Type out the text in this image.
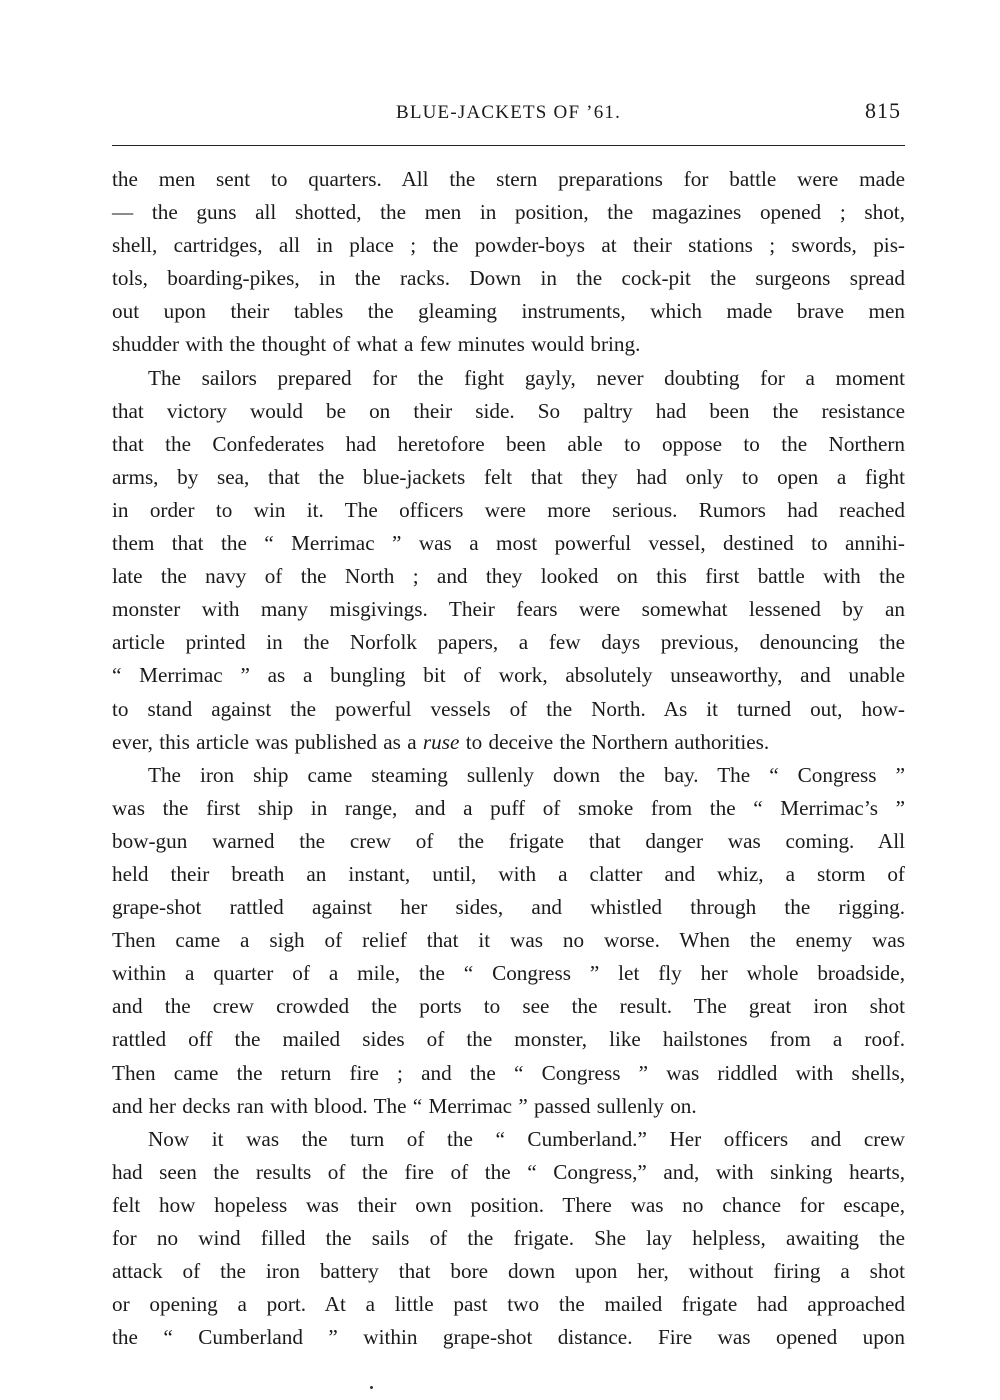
BLUE-JACKETS OF ’61.	815
the men sent to quarters. All the stern preparations for battle were made
— the guns all shotted, the men in position, the magazines opened ; shot,
shell, cartridges, all in place ; the powder-boys at their stations ; swords, pis-
tols, boarding-pikes, in the racks. Down in the cock-pit the surgeons spread
out upon their tables the gleaming instruments, which made brave men
shudder with the thought of what a few minutes would bring.
The sailors prepared for the fight gayly, never doubting for a moment
that victory would be on their side. So paltry had been the resistance
that the Confederates had heretofore been able to oppose to the Northern
arms, by sea, that the blue-jackets felt that they had only to open a fight
in order to win it. The officers were more serious. Rumors had reached
them that the “ Merrimac ” was a most powerful vessel, destined to annihi-
late the navy of the North ; and they looked on this first battle with the
monster with many misgivings. Their fears were somewhat lessened by an
article printed in the Norfolk papers, a few days previous, denouncing the
“ Merrimac ” as a bungling bit of work, absolutely unseaworthy, and unable
to stand against the powerful vessels of the North. As it turned out, how-
ever, this article was published as a ruse to deceive the Northern authorities.
The iron ship came steaming sullenly down the bay. The “ Congress ”
was the first ship in range, and a puff of smoke from the “ Merrimac’s ”
bow-gun warned the crew of the frigate that danger was coming. All
held their breath an instant, until, with a clatter and whiz, a storm of
grape-shot rattled against her sides, and whistled through the rigging.
Then came a sigh of relief that it was no worse. When the enemy was
within a quarter of a mile, the “ Congress ” let fly her whole broadside,
and the crew crowded the ports to see the result. The great iron shot
rattled off the mailed sides of the monster, like hailstones from a roof.
Then came the return fire ; and the “ Congress ” was riddled with shells,
and her decks ran with blood. The “ Merrimac ” passed sullenly on.
Now it was the turn of the “ Cumberland.” Her officers and crew
had seen the results of the fire of the “ Congress,” and, with sinking hearts,
felt how hopeless was their own position. There was no chance for escape,
for no wind filled the sails of the frigate. She lay helpless, awaiting the
attack of the iron battery that bore down upon her, without firing a shot
or opening a port. At a little past two the mailed frigate had approached
the “ Cumberland ” within grape-shot distance. Fire was opened upon
